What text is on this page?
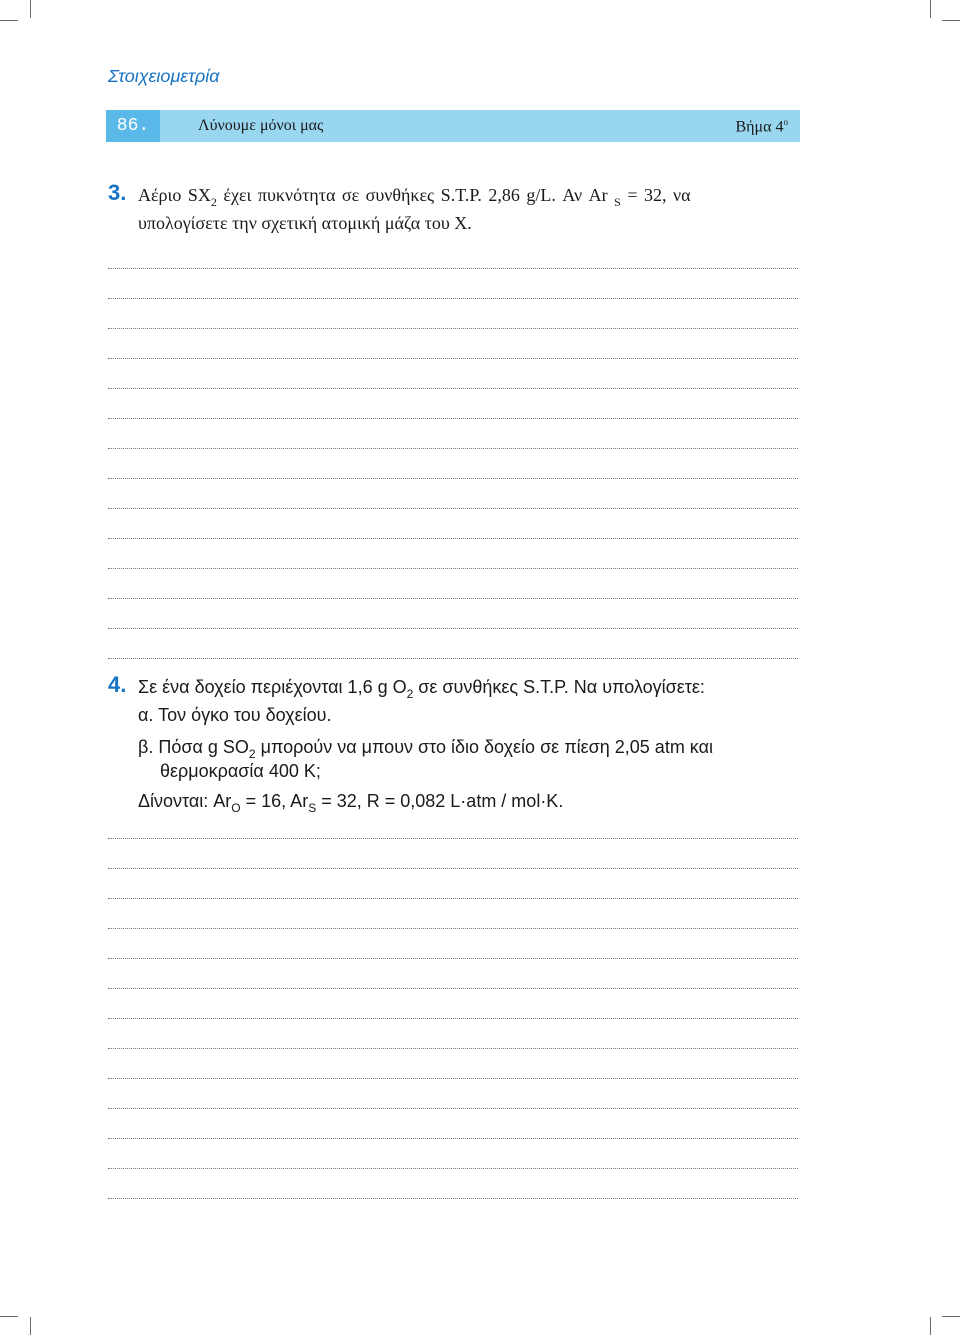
Στοιχειομετρία
86.	Λύνουμε μόνοι μας	Βήμα $4^o$
3. Αέριο $SX_2$ έχει πυκνότητα σε συνθήκες S.T.P. 2,86 g/L. Αν Ar $_S$ = 32, να
υπολογίσετε την σχετική ατομική μάζα του X.
4. Σε ένα δοχείο περιέχονται 1,6 g $O_2$ σε συνθήκες S.T.P. Να υπολογίσετε:
α. Τον όγκο του δοχείου.
β. Πόσα g $SO_2$ μπορούν να μπουν στο ίδιο δοχείο σε πίεση 2,05 atm και
θερμοκρασία 400 K;
Δίνονται: $Ar_O = 16$, $Ar_S = 32$, R = 0,082 L·atm / mol·K.
